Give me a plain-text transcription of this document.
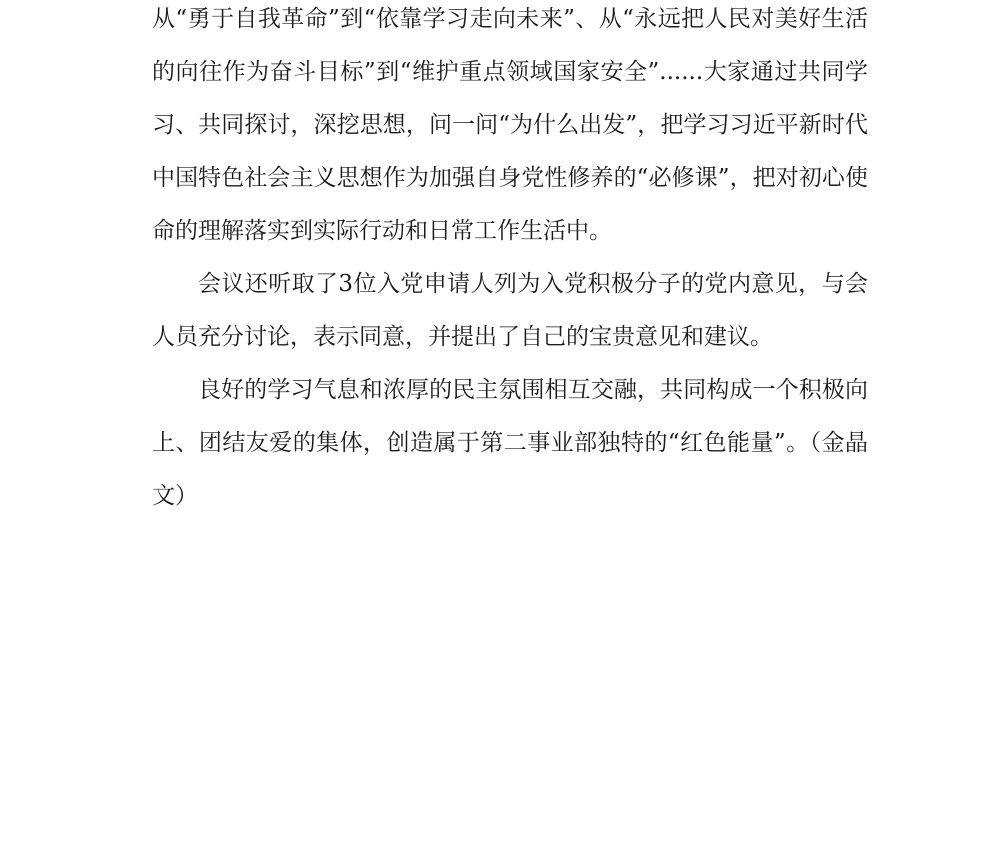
从“勇于自我革命”到“依靠学习走向未来”、从“永远把人民对美好生活的向往作为奋斗目标”到“维护重点领域国家安全”......大家通过共同学习、共同探讨，深挖思想，问一问“为什么出发”，把学习习近平新时代中国特色社会主义思想作为加强自身党性修养的“必修课”，把对初心使命的理解落实到实际行动和日常工作生活中。

会议还听取了3位入党申请人列为入党积极分子的党内意见，与会人员充分讨论，表示同意，并提出了自己的宝贵意见和建议。

良好的学习气息和浓厚的民主氛围相互交融，共同构成一个积极向上、团结友爱的集体，创造属于第二事业部独特的“红色能量”。（金晶文）
